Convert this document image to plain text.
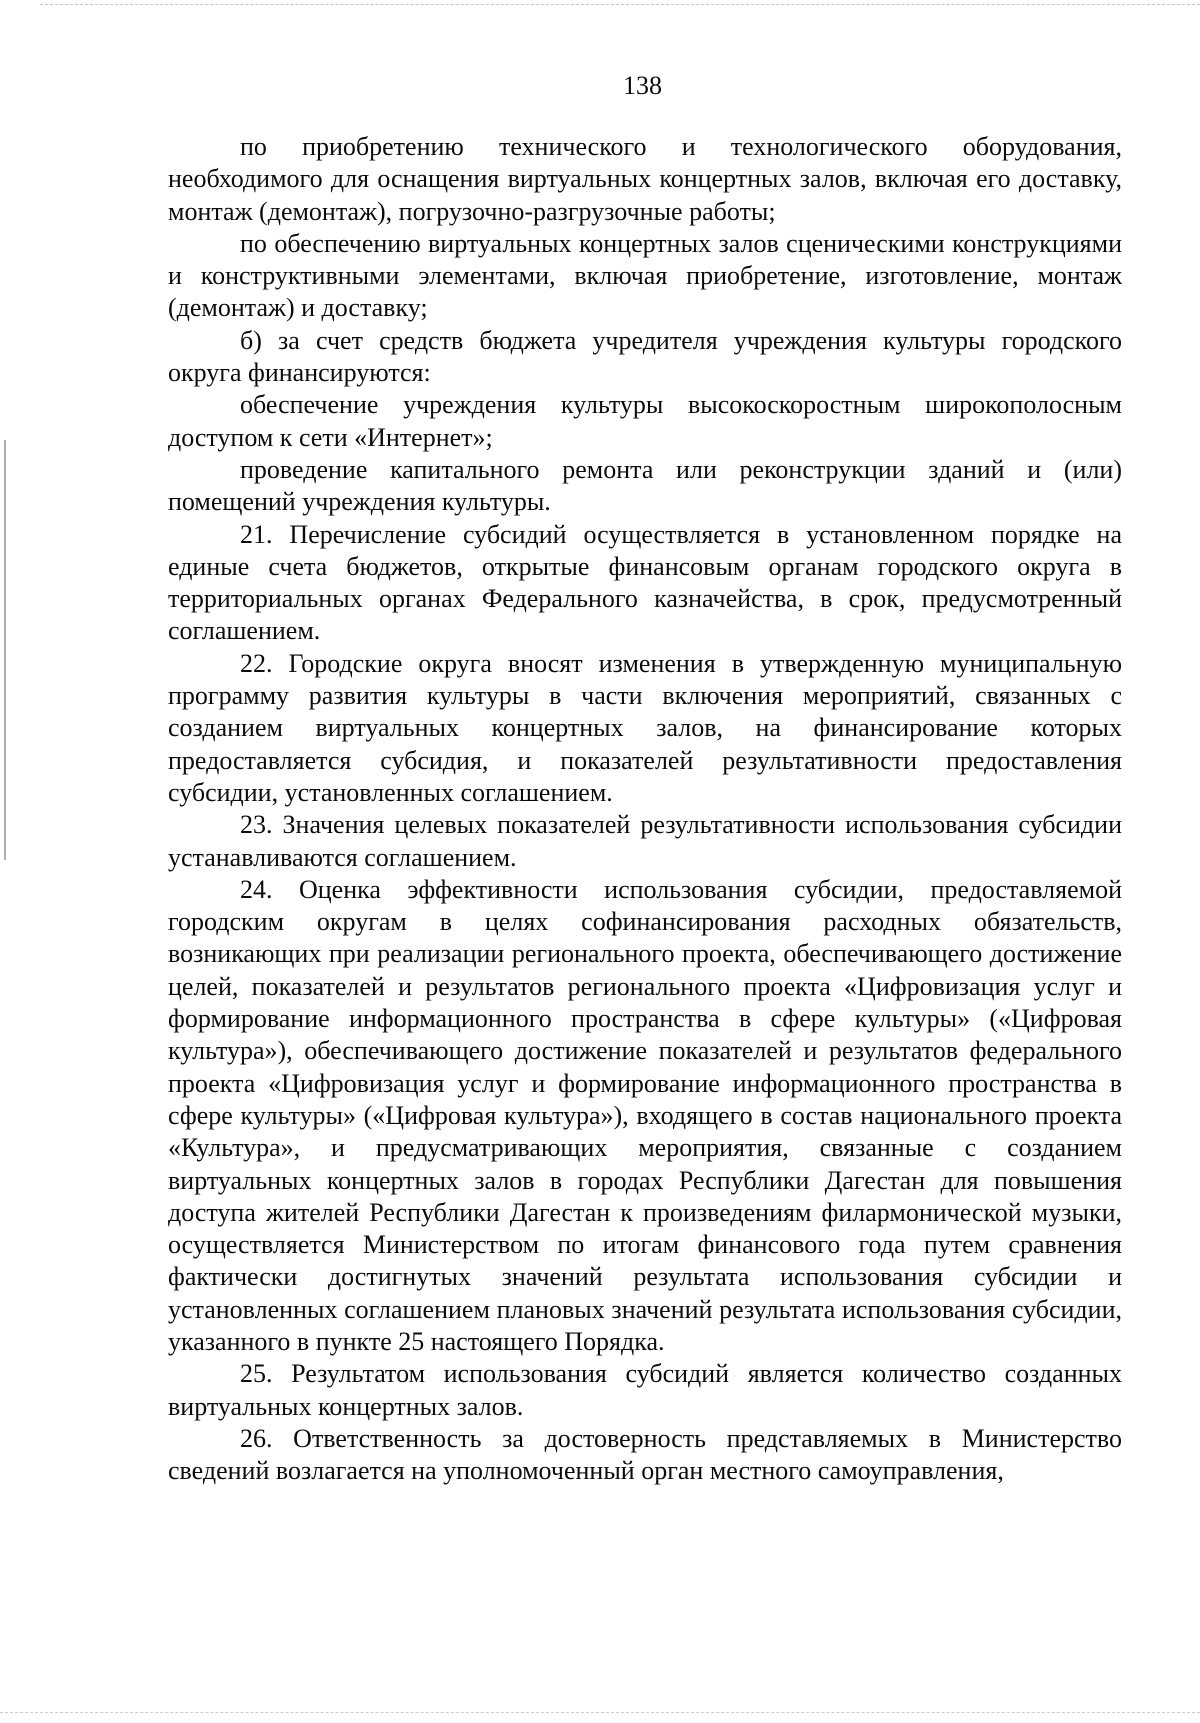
138

по приобретению технического и технологического оборудования, необходимого для оснащения виртуальных концертных залов, включая его доставку, монтаж (демонтаж), погрузочно-разгрузочные работы;

по обеспечению виртуальных концертных залов сценическими конструкциями и конструктивными элементами, включая приобретение, изготовление, монтаж (демонтаж) и доставку;

б) за счет средств бюджета учредителя учреждения культуры городского округа финансируются:

обеспечение учреждения культуры высокоскоростным широкополосным доступом к сети «Интернет»;

проведение капитального ремонта или реконструкции зданий и (или) помещений учреждения культуры.

21. Перечисление субсидий осуществляется в установленном порядке на единые счета бюджетов, открытые финансовым органам городского округа в территориальных органах Федерального казначейства, в срок, предусмотренный соглашением.

22. Городские округа вносят изменения в утвержденную муниципальную программу развития культуры в части включения мероприятий, связанных с созданием виртуальных концертных залов, на финансирование которых предоставляется субсидия, и показателей результативности предоставления субсидии, установленных соглашением.

23. Значения целевых показателей результативности использования субсидии устанавливаются соглашением.

24. Оценка эффективности использования субсидии, предоставляемой городским округам в целях софинансирования расходных обязательств, возникающих при реализации регионального проекта, обеспечивающего достижение целей, показателей и результатов регионального проекта «Цифровизация услуг и формирование информационного пространства в сфере культуры» («Цифровая культура»), обеспечивающего достижение показателей и результатов федерального проекта «Цифровизация услуг и формирование информационного пространства в сфере культуры» («Цифровая культура»), входящего в состав национального проекта «Культура», и предусматривающих мероприятия, связанные с созданием виртуальных концертных залов в городах Республики Дагестан для повышения доступа жителей Республики Дагестан к произведениям филармонической музыки, осуществляется Министерством по итогам финансового года путем сравнения фактически достигнутых значений результата использования субсидии и установленных соглашением плановых значений результата использования субсидии, указанного в пункте 25 настоящего Порядка.

25. Результатом использования субсидий является количество созданных виртуальных концертных залов.

26. Ответственность за достоверность представляемых в Министерство сведений возлагается на уполномоченный орган местного самоуправления,
